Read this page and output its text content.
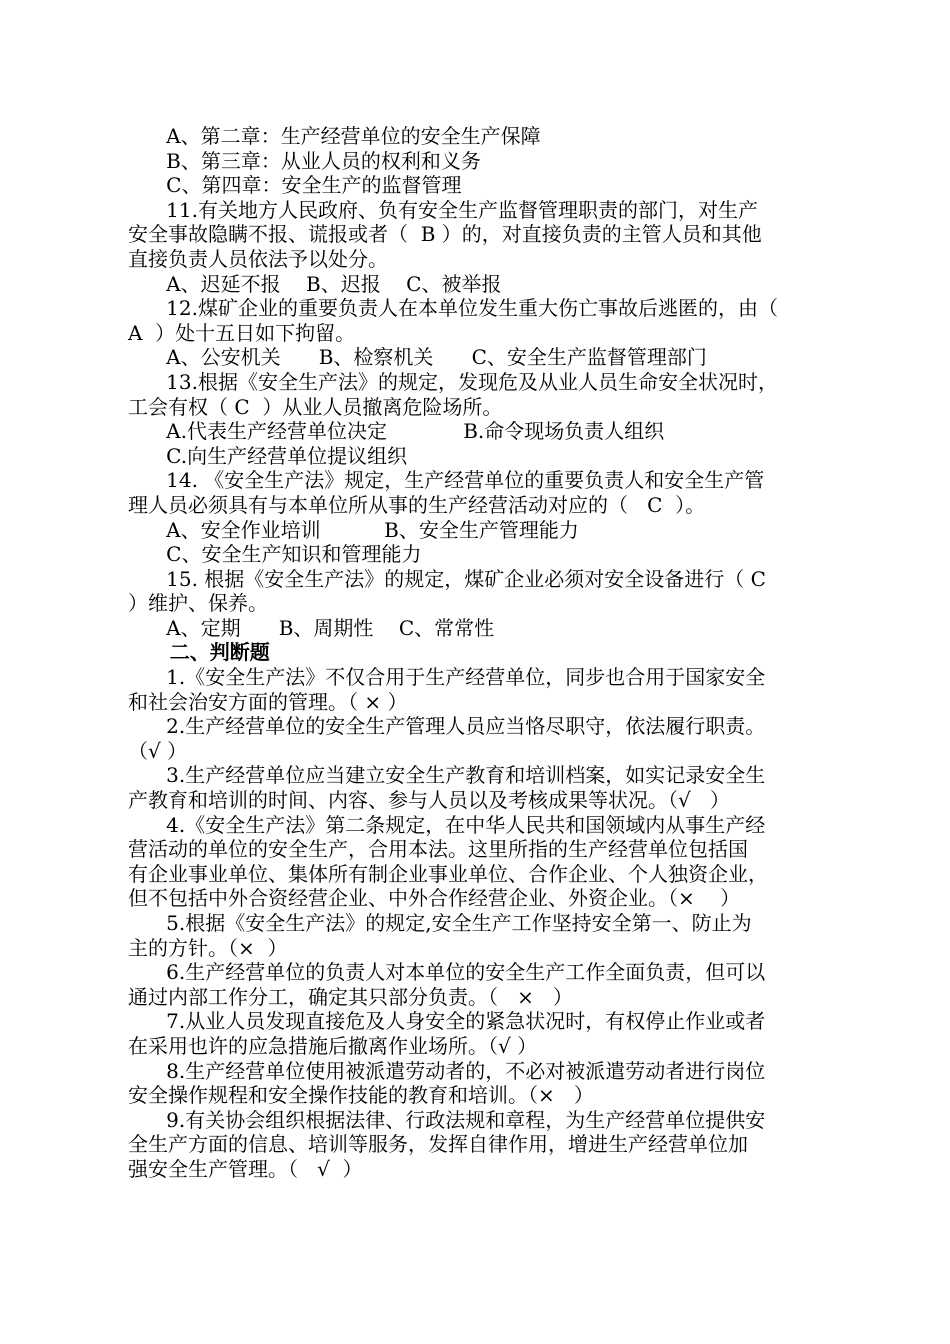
A、第二章：生产经营单位的安全生产保障
B、第三章：从业人员的权利和义务
C、第四章：安全生产的监督管理
11.有关地方人民政府、负有安全生产监督管理职责的部门，对生产
安全事故隐瞒不报、谎报或者（  B ）的，对直接负责的主管人员和其他
直接负责人员依法予以处分。
A、迟延不报    B、迟报    C、被举报
12.煤矿企业的重要负责人在本单位发生重大伤亡事故后逃匿的，由（
A  ）处十五日如下拘留。
A、公安机关      B、检察机关      C、安全生产监督管理部门
13.根据《安全生产法》的规定，发现危及从业人员生命安全状况时，
工会有权（ C  ）从业人员撤离危险场所。
A.代表生产经营单位决定            B.命令现场负责人组织
C.向生产经营单位提议组织
14. 《安全生产法》规定，生产经营单位的重要负责人和安全生产管
理人员必须具有与本单位所从事的生产经营活动对应的（   C  ）。
A、安全作业培训          B、安全生产管理能力
C、安全生产知识和管理能力
15. 根据《安全生产法》的规定，煤矿企业必须对安全设备进行（ C
）维护、保养。
A、定期      B、周期性    C、常常性
二、判断题
1.《安全生产法》不仅合用于生产经营单位，同步也合用于国家安全
和社会治安方面的管理。（ × ）
2.生产经营单位的安全生产管理人员应当恪尽职守，依法履行职责。
（√ ）
3.生产经营单位应当建立安全生产教育和培训档案，如实记录安全生
产教育和培训的时间、内容、参与人员以及考核成果等状况。（√   ）
4.《安全生产法》第二条规定，在中华人民共和国领域内从事生产经
营活动的单位的安全生产，合用本法。这里所指的生产经营单位包括国
有企业事业单位、集体所有制企业事业单位、合作企业、个人独资企业，
但不包括中外合资经营企业、中外合作经营企业、外资企业。（×    ）
5.根据《安全生产法》的规定,安全生产工作坚持安全第一、防止为
主的方针。（×  ）
6.生产经营单位的负责人对本单位的安全生产工作全面负责，但可以
通过内部工作分工，确定其只部分负责。（   ×   ）
7.从业人员发现直接危及人身安全的紧急状况时，有权停止作业或者
在采用也许的应急措施后撤离作业场所。（√ ）
8.生产经营单位使用被派遣劳动者的，不必对被派遣劳动者进行岗位
安全操作规程和安全操作技能的教育和培训。（×   ）
9.有关协会组织根据法律、行政法规和章程，为生产经营单位提供安
全生产方面的信息、培训等服务，发挥自律作用，增进生产经营单位加
强安全生产管理。（   √  ）
